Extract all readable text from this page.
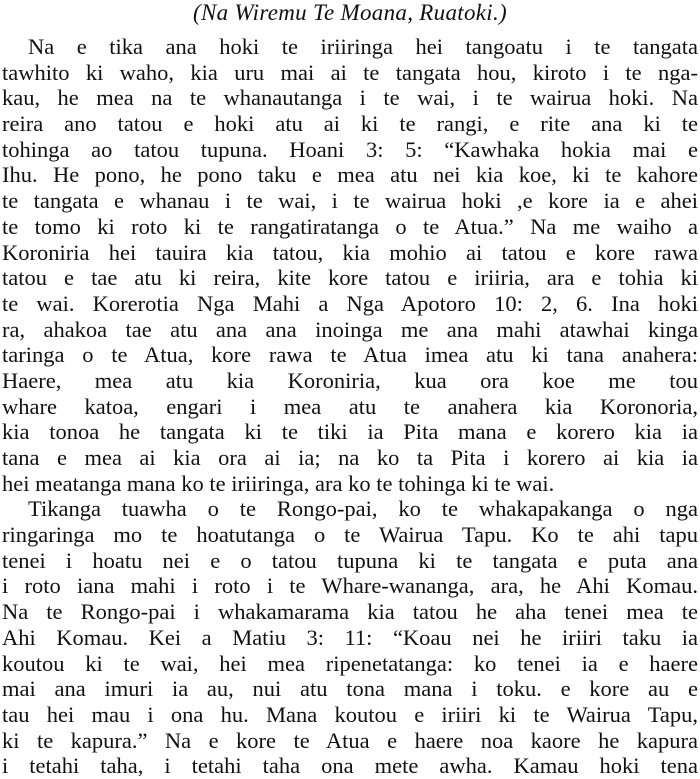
(Na Wiremu Te Moana, Ruatoki.)

Na e tika ana hoki te iriiringa hei tangoatu i te tangata
tawhito ki waho, kia uru mai ai te tangata hou, kiroto i te nga-
kau, he mea na te whanautanga i te wai, i te wairua hoki. Na
reira ano tatou e hoki atu ai ki te rangi, e rite ana ki te
tohinga ao tatou tupuna. Hoani 3: 5: “Kawhaka hokia mai e
Ihu. He pono, he pono taku e mea atu nei kia koe, ki te kahore
te tangata e whanau i te wai, i te wairua hoki ,e kore ia e ahei
te tomo ki roto ki te rangatiratanga o te Atua.” Na me waiho a
Koroniria hei tauira kia tatou, kia mohio ai tatou e kore rawa
tatou e tae atu ki reira, kite kore tatou e iriiria, ara e tohia ki
te wai. Korerotia Nga Mahi a Nga Apotoro 10: 2, 6. Ina hoki
ra, ahakoa tae atu ana ana inoinga me ana mahi atawhai kinga
taringa o te Atua, kore rawa te Atua imea atu ki tana anahera:
Haere, mea atu kia Koroniria, kua ora koe me tou
whare katoa, engari i mea atu te anahera kia Koronoria,
kia tonoa he tangata ki te tiki ia Pita mana e korero kia ia
tana e mea ai kia ora ai ia; na ko ta Pita i korero ai kia ia
hei meatanga mana ko te iriiringa, ara ko te tohinga ki te wai.
Tikanga tuawha o te Rongo-pai, ko te whakapakanga o nga
ringaringa mo te hoatutanga o te Wairua Tapu. Ko te ahi tapu
tenei i hoatu nei e o tatou tupuna ki te tangata e puta ana
i roto iana mahi i roto i te Whare-wananga, ara, he Ahi Komau.
Na te Rongo-pai i whakamarama kia tatou he aha tenei mea te
Ahi Komau. Kei a Matiu 3: 11: “Koau nei he iriiri taku ia
koutou ki te wai, hei mea ripenetatanga: ko tenei ia e haere
mai ana imuri ia au, nui atu tona mana i toku. e kore au e
tau hei mau i ona hu. Mana koutou e iriiri ki te Wairua Tapu,
ki te kapura.” Na e kore te Atua e haere noa kaore he kapura
i tetahi taha, i tetahi taha ona mete awha. Kamau hoki tena
